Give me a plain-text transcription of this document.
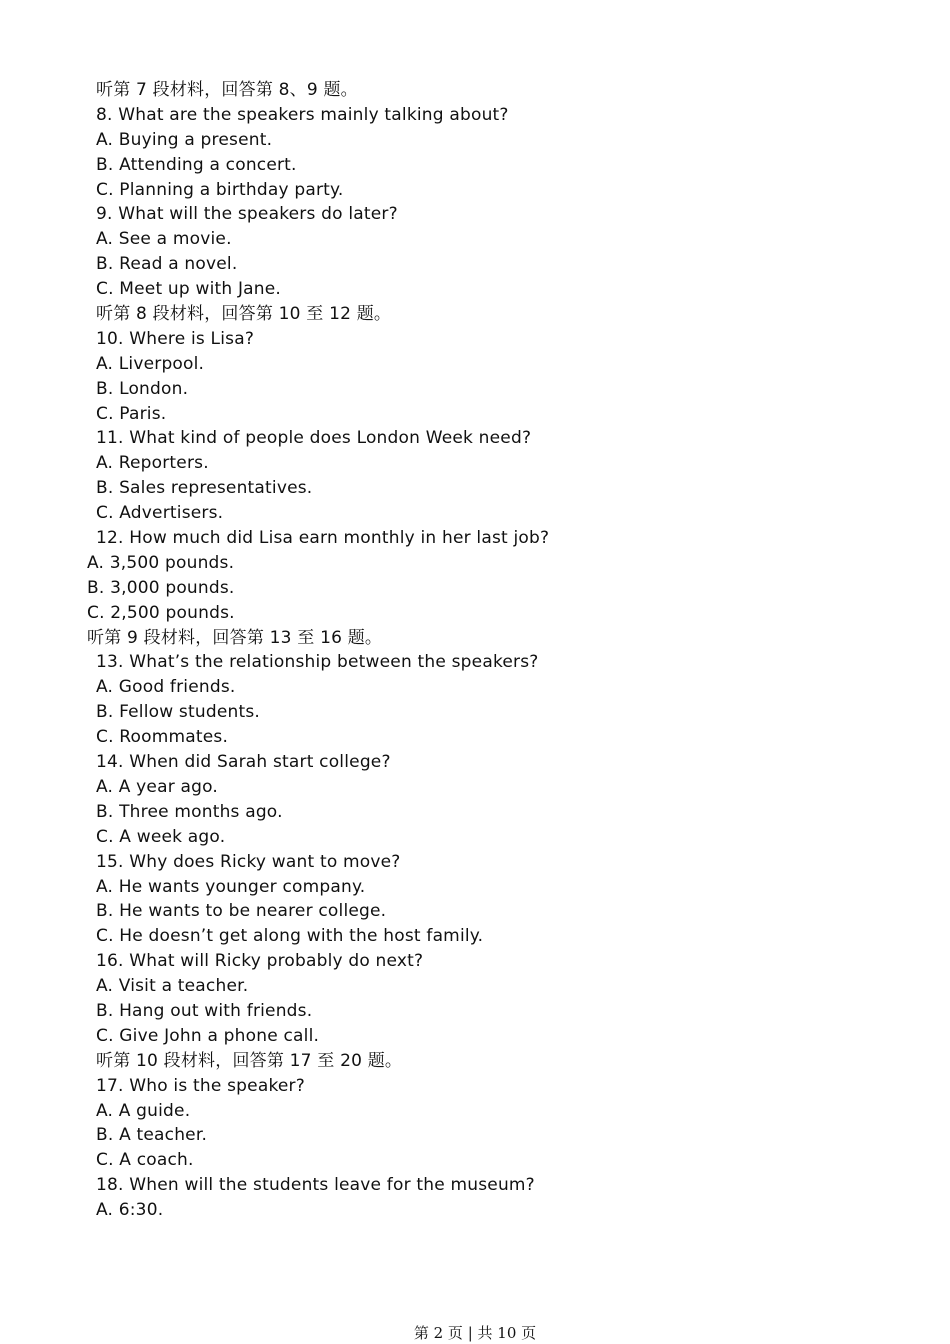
听第 7 段材料，回答第 8、9 题。
8. What are the speakers mainly talking about?
A. Buying a present.
B. Attending a concert.
C. Planning a birthday party.
9. What will the speakers do later?
A. See a movie.
B. Read a novel.
C. Meet up with Jane.
听第 8 段材料，回答第 10 至 12 题。
10. Where is Lisa?
A. Liverpool.
B. London.
C. Paris.
11. What kind of people does London Week need?
A. Reporters.
B. Sales representatives.
C. Advertisers.
12. How much did Lisa earn monthly in her last job?
A. 3,500 pounds.
B. 3,000 pounds.
C. 2,500 pounds.
听第 9 段材料，回答第 13 至 16 题。
13. What’s the relationship between the speakers?
A. Good friends.
B. Fellow students.
C. Roommates.
14. When did Sarah start college?
A. A year ago.
B. Three months ago.
C. A week ago.
15. Why does Ricky want to move?
A. He wants younger company.
B. He wants to be nearer college.
C. He doesn’t get along with the host family.
16. What will Ricky probably do next?
A. Visit a teacher.
B. Hang out with friends.
C. Give John a phone call.
听第 10 段材料，回答第 17 至 20 题。
17. Who is the speaker?
A. A guide.
B. A teacher.
C. A coach.
18. When will the students leave for the museum?
A. 6:30.
第 2 页 | 共 10 页
